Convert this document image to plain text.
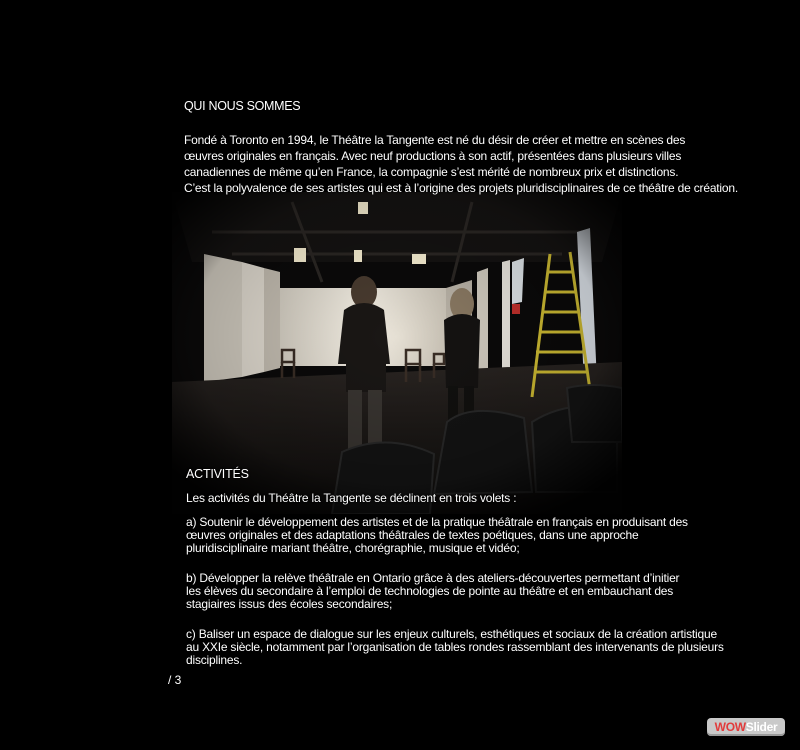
QUI NOUS SOMMES
Fondé à Toronto en 1994, le Théâtre la Tangente est né du désir de créer et mettre en scènes des
œuvres originales en français. Avec neuf productions à son actif, présentées dans plusieurs villes
canadiennes de même qu’en France, la compagnie s’est mérité de nombreux prix et distinctions.
C’est la polyvalence de ses artistes qui est à l’origine des projets pluridisciplinaires de ce théâtre de création.
ACTIVITÉS
Les activités du Théâtre la Tangente se déclinent en trois volets :
a) Soutenir le développement des artistes et de la pratique théâtrale en français en produisant des
œuvres originales et des adaptations théâtrales de textes poétiques, dans une approche
pluridisciplinaire mariant théâtre, chorégraphie, musique et vidéo;
b) Développer la relève théâtrale en Ontario grâce à des ateliers-découvertes permettant d’initier
les élèves du secondaire à l’emploi de technologies de pointe au théâtre et en embauchant des
stagiaires issus des écoles secondaires;
c) Baliser un espace de dialogue sur les enjeux culturels, esthétiques et sociaux de la création artistique
au XXIe siècle, notamment par l’organisation de tables rondes rassemblant des intervenants de plusieurs
disciplines.
/ 3
WOWSlider
